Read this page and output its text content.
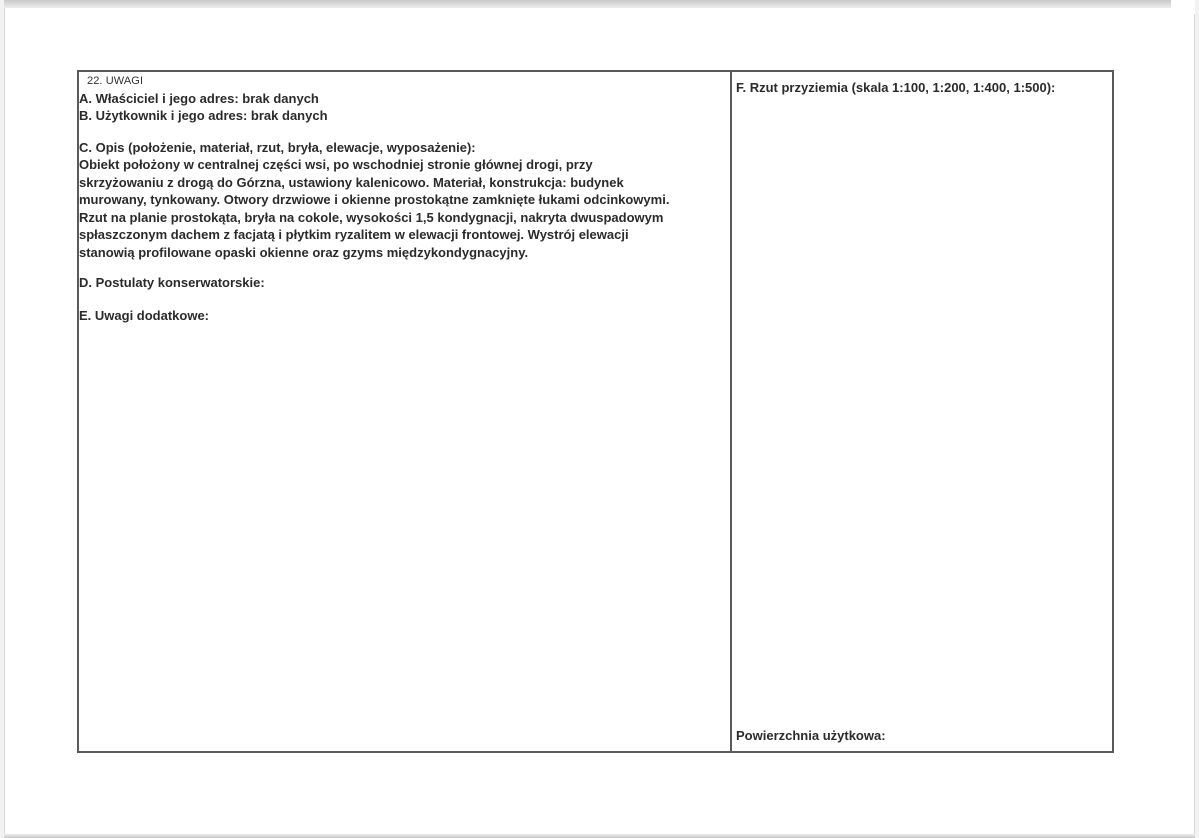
22. UWAGI
A. Właściciel i jego adres: brak danych
B. Użytkownik i jego adres: brak danych
C. Opis (położenie, materiał, rzut, bryła, elewacje, wyposażenie):
Obiekt położony w centralnej części wsi, po wschodniej stronie głównej drogi, przy
skrzyżowaniu z drogą do Górzna, ustawiony kalenicowo. Materiał, konstrukcja: budynek
murowany, tynkowany. Otwory drzwiowe i okienne prostokątne zamknięte łukami odcinkowymi.
Rzut na planie prostokąta, bryła na cokole, wysokości 1,5 kondygnacji, nakryta dwuspadowym
spłaszczonym dachem z facjatą i płytkim ryzalitem w elewacji frontowej. Wystrój elewacji
stanowią profilowane opaski okienne oraz gzyms międzykondygnacyjny.
D. Postulaty konserwatorskie:
E. Uwagi dodatkowe:
F. Rzut przyziemia (skala 1:100, 1:200, 1:400, 1:500):
Powierzchnia użytkowa:
